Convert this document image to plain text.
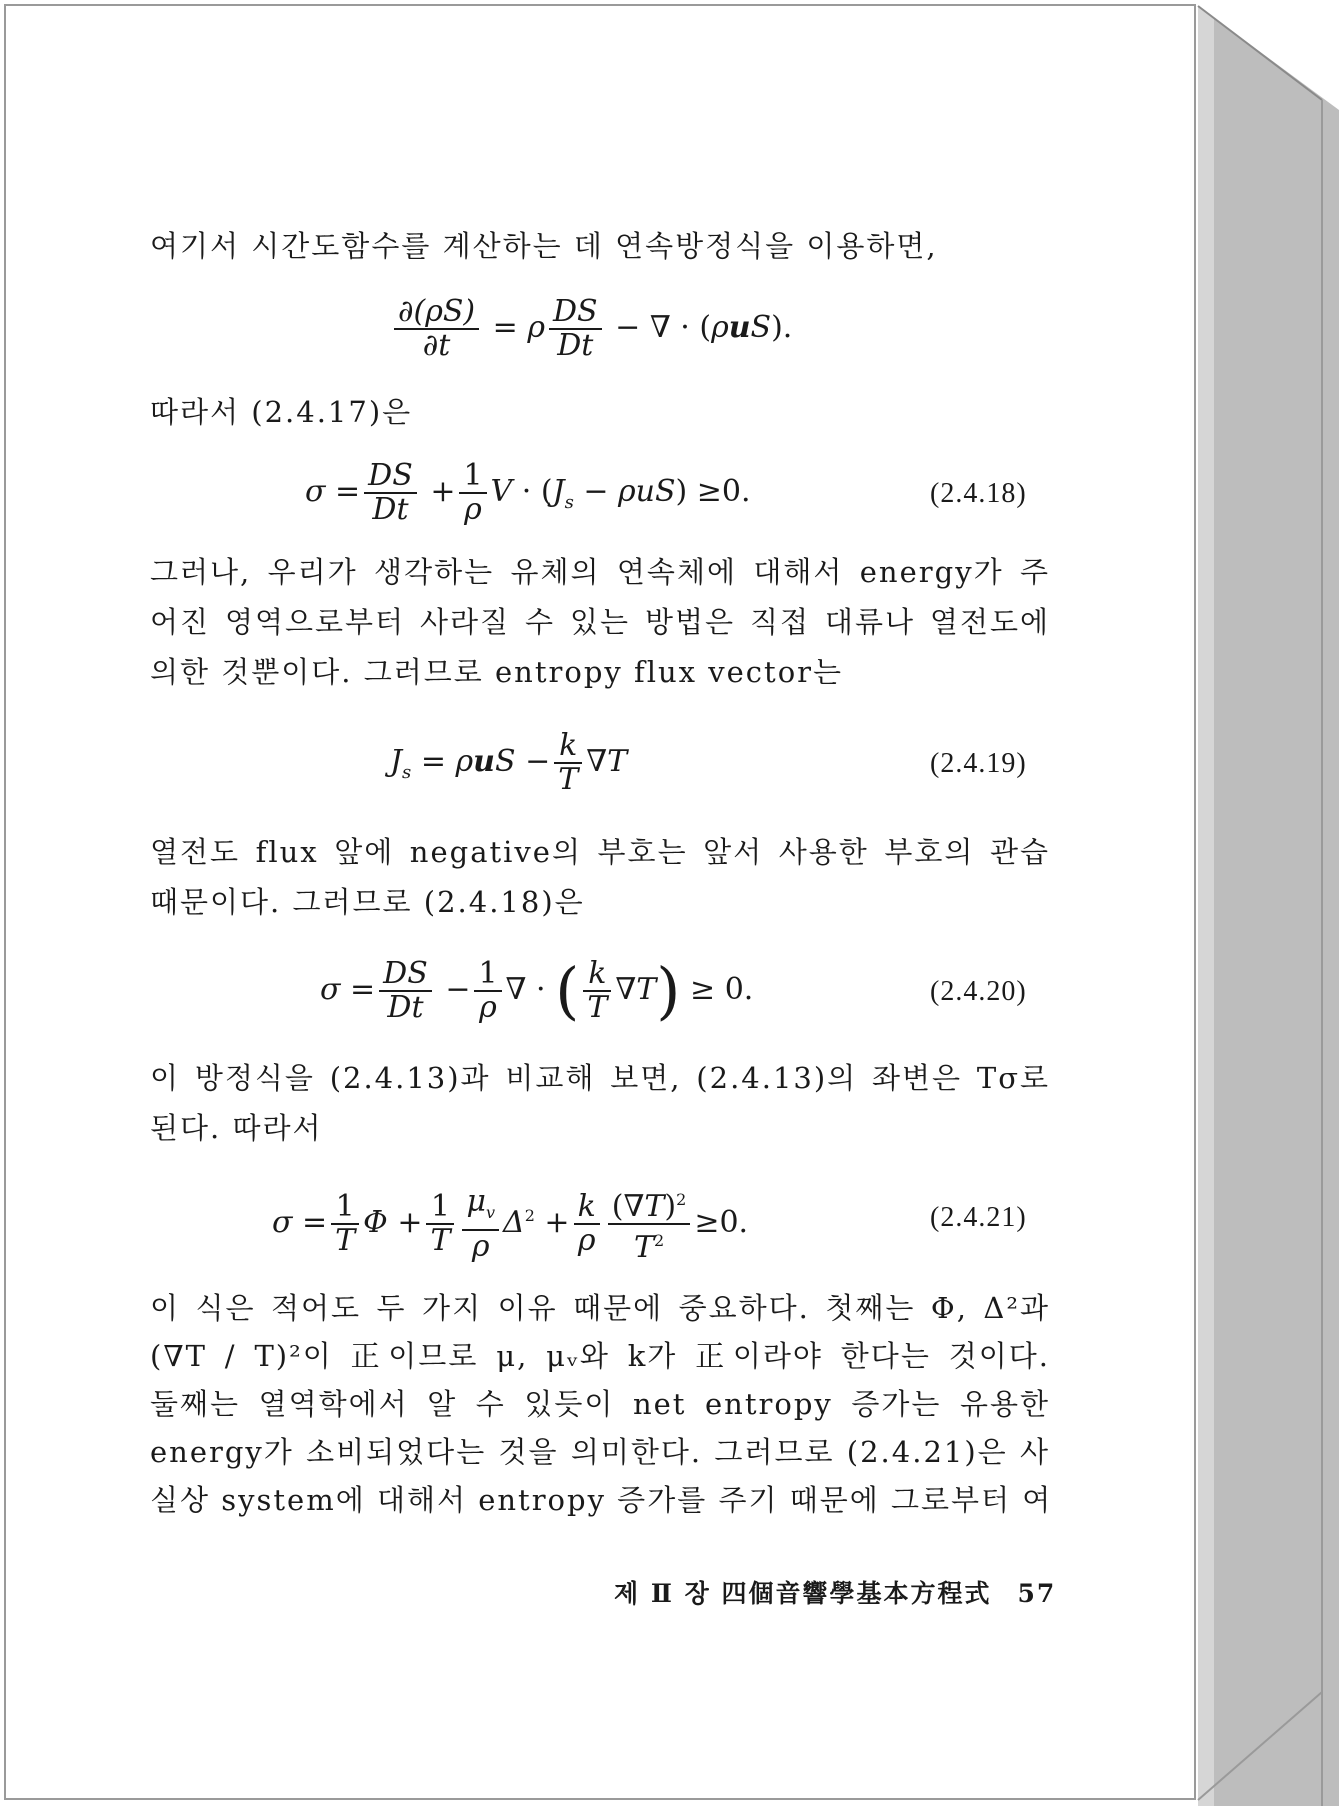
여기서 시간도함수를 계산하는 데 연속방정식을 이용하면,
$\frac{\partial(\rho S)}{\partial t} = \rho \frac{DS}{Dt}$ − ∇ · (ρuS).
따라서 (2.4.17)은
$\sigma = \frac{DS}{Dt} + \frac{1}{\rho}$ $V \cdot (J_s - \rho uS) \ge 0$.	(2.4.18)
그러나, 우리가 생각하는 유체의 연속체에 대해서 energy가 주
어진 영역으로부터 사라질 수 있는 방법은 직접 대류나 열전도에
의한 것뿐이다. 그러므로 entropy flux vector는
$J_s = \rho uS - \frac{k}{T} \nabla T$	(2.4.19)
열전도 flux 앞에 negative의 부호는 앞서 사용한 부호의 관습
때문이다. 그러므로 (2.4.18)은
$\sigma = \frac{DS}{Dt} - \frac{1}{\rho}$ ∇ · ( $\frac{k}{T} \nabla T) \ge 0$.	(2.4.20)
이 방정식을 (2.4.13)과 비교해 보면, (2.4.13)의 좌변은 Tσ로
된다. 따라서
$\sigma = \frac{1}{T}$ $\Phi + \frac{1}{T} \frac{\mu_v}{\rho} \Delta^2 + \frac{k}{\rho} \frac{(\nabla T)^2}{T^2} \ge 0$.	(2.4.21)
이 식은 적어도 두 가지 이유 때문에 중요하다. 첫째는 Φ, Δ²과
(∇T / T)²이 正이므로 μ, μᵥ와 k가 正이라야 한다는 것이다.
둘째는 열역학에서 알 수 있듯이 net entropy 증가는 유용한
energy가 소비되었다는 것을 의미한다. 그러므로 (2.4.21)은 사
실상 system에 대해서 entropy 증가를 주기 때문에 그로부터 여
제 Ⅱ 장 四個音響學基本方程式 57
